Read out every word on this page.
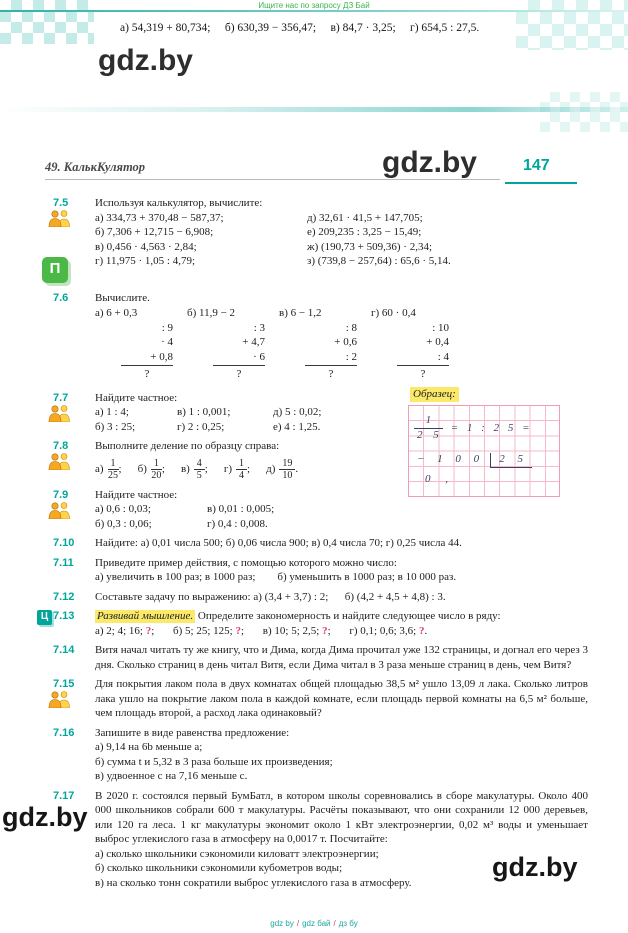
Ищите нас по запросу ДЗ Бай
а) 54,319 + 80,734;     б) 630,39 − 356,47;     в) 84,7 · 3,25;     г) 654,5 : 27,5.
gdz.by
49. КалькКулятор	gdz.by	147
7.5 Используя калькулятор, вычислите:
а) 334,73 + 370,48 − 587,37;
б) 7,306 + 12,715 − 6,908;
в) 0,456 · 4,563 · 2,84;
г) 11,975 · 1,05 : 4,79;
д) 32,61 · 41,5 + 147,705;
е) 209,235 : 3,25 − 15,49;
ж) (190,73 + 509,36) · 2,34;
з) (739,8 − 257,64) : 65,6 · 5,14.
П
7.6 Вычислите.
а) 6 + 0,3
: 9
· 4
+ 0,8
?
б) 11,9 − 2
: 3
+ 4,7
· 6
?
в) 6 − 1,2
: 8
+ 0,6
: 2
?
г) 60 · 0,4
: 10
+ 0,4
: 4
?
7.7 Найдите частное:
а) 1 : 4;	в) 1 : 0,001;	д) 5 : 0,02;
б) 3 : 25;	г) 2 : 0,25;	е) 4 : 1,25.
Образец:
$\frac{1}{2 5} = 1$ : 2 5 =
− 1 0 0 2 5
0 ,
7.8 Выполните деление по образцу справа:
$а) \frac{1}{25}$ ; $б) \frac{1}{20}$ ; $в) \frac{4}{5}$ ; $г) \frac{1}{4}$ ; $д) \frac{19}{10}$ .
7.9 Найдите частное:
а) 0,6 : 0,03;	в) 0,01 : 0,005;
б) 0,3 : 0,06;	г) 0,4 : 0,008.
7.10 Найдите: а) 0,01 числа 500; б) 0,06 числа 900; в) 0,4 числа 70; г) 0,25 числа 44.
7.11 Приведите пример действия, с помощью которого можно число:
а) увеличить в 100 раз; в 1000 раз;        б) уменьшить в 1000 раз; в 10 000 раз.
7.12 Составьте задачу по выражению: а) (3,4 + 3,7) : 2;      б) (4,2 + 4,5 + 4,8) : 3.
Ц 7.13 Развивай мышление. Определите закономерность и найдите следующее число в ряду:
а) 2; 4; 16; ?; б) 5; 25; 125; ?; в) 10; 5; 2,5; ?; г) 0,1; 0,6; 3,6; ?.
7.14 Витя начал читать ту же книгу, что и Дима, когда Дима прочитал уже 132 страницы, и догнал его через 3 дня. Сколько страниц в день читал Витя, если Дима читал в 3 раза меньше страниц в день, чем Витя?
7.15 Для покрытия лаком пола в двух комнатах общей площадью 38,5 м² ушло 13,09 л лака. Сколько литров лака ушло на покрытие лаком пола в каждой комнате, если площадь первой комнаты на 6,5 м² больше, чем площадь второй, а расход лака одинаковый?
7.16 Запишите в виде равенства предложение:
а) 9,14 на 6b меньше a;
б) сумма t и 5,32 в 3 раза больше их произведения;
в) удвоенное с на 7,16 меньше с.
7.17 В 2020 г. состоялся первый БумБатл, в котором школы соревновались в сборе макулатуры. Около 400 000 школьников собрали 600 т макулатуры. Расчёты показывают, что они сохранили 12 000 деревьев, или 120 га леса. 1 кг макулатуры экономит около 1 кВт электроэнергии, 0,02 м³ воды и уменьшает выброс углекислого газа в атмосферу на 0,0017 т. Посчитайте:
а) сколько школьники сэкономили киловатт электроэнергии;
б) сколько школьники сэкономили кубометров воды;
в) на сколько тонн сократили выброс углекислого газа в атмосферу.
gdz.by
gdz.by
gdz by / gdz бай / дз бу
